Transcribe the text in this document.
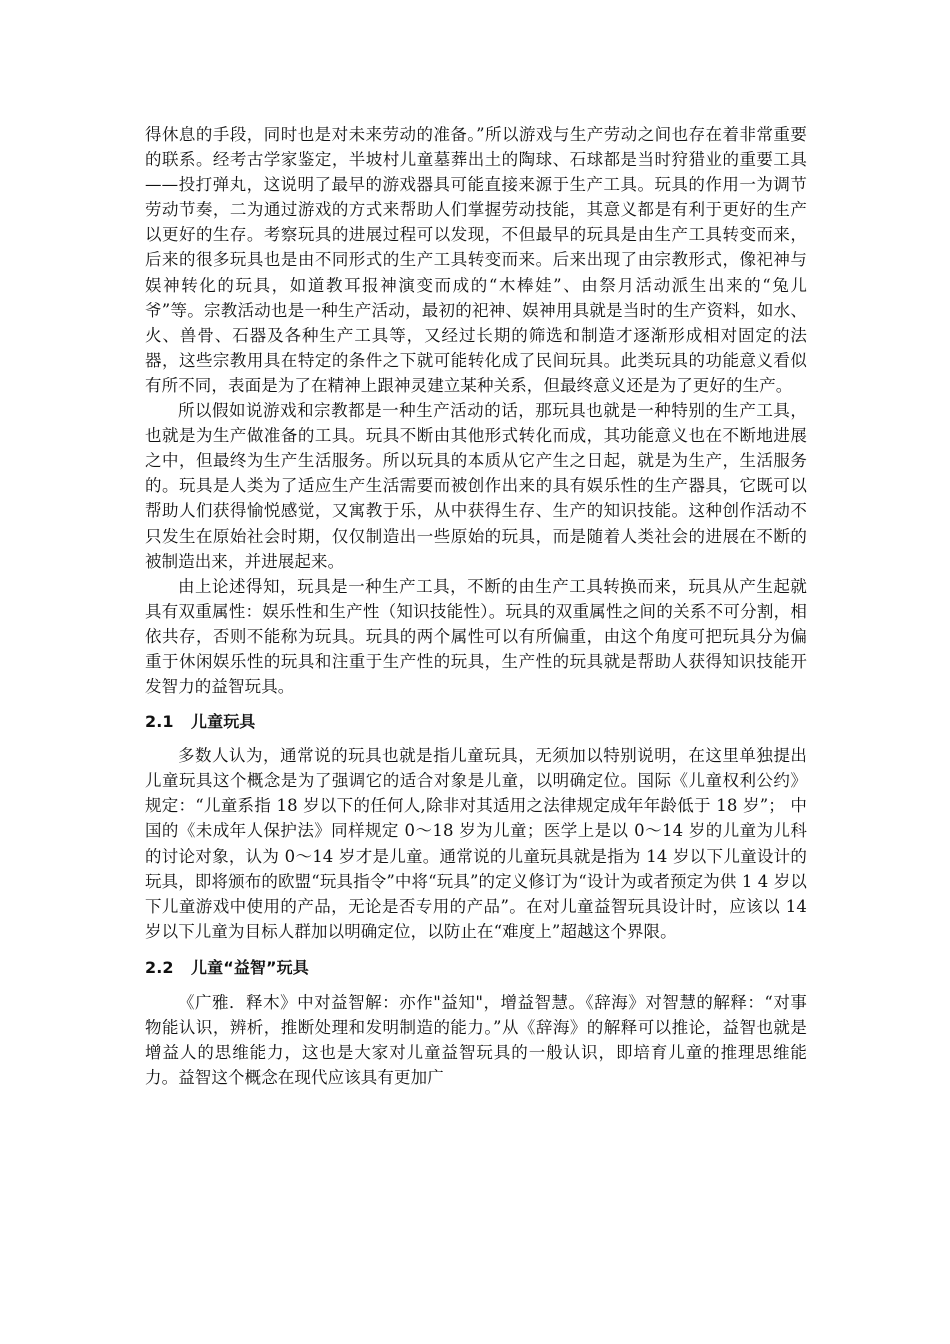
得休息的手段，同时也是对未来劳动的准备。”所以游戏与生产劳动之间也存在着非常重要的联系。经考古学家鉴定，半坡村儿童墓葬出土的陶球、石球都是当时狩猎业的重要工具——投打弹丸，这说明了最早的游戏器具可能直接来源于生产工具。玩具的作用一为调节劳动节奏，二为通过游戏的方式来帮助人们掌握劳动技能，其意义都是有利于更好的生产以更好的生存。考察玩具的进展过程可以发现，不但最早的玩具是由生产工具转变而来，后来的很多玩具也是由不同形式的生产工具转变而来。后来出现了由宗教形式，像祀神与娱神转化的玩具，如道教耳报神演变而成的“木棒娃”、由祭月活动派生出来的“兔儿爷”等。宗教活动也是一种生产活动，最初的祀神、娱神用具就是当时的生产资料，如水、火、兽骨、石器及各种生产工具等，又经过长期的筛选和制造才逐渐形成相对固定的法器，这些宗教用具在特定的条件之下就可能转化成了民间玩具。此类玩具的功能意义看似有所不同，表面是为了在精神上跟神灵建立某种关系，但最终意义还是为了更好的生产。

所以假如说游戏和宗教都是一种生产活动的话，那玩具也就是一种特别的生产工具，也就是为生产做准备的工具。玩具不断由其他形式转化而成，其功能意义也在不断地进展之中，但最终为生产生活服务。所以玩具的本质从它产生之日起，就是为生产，生活服务的。玩具是人类为了适应生产生活需要而被创作出来的具有娱乐性的生产器具，它既可以帮助人们获得愉悦感觉，又寓教于乐，从中获得生存、生产的知识技能。这种创作活动不只发生在原始社会时期，仅仅制造出一些原始的玩具，而是随着人类社会的进展在不断的被制造出来，并进展起来。

由上论述得知，玩具是一种生产工具，不断的由生产工具转换而来，玩具从产生起就具有双重属性：娱乐性和生产性（知识技能性）。玩具的双重属性之间的关系不可分割，相依共存，否则不能称为玩具。玩具的两个属性可以有所偏重，由这个角度可把玩具分为偏重于休闲娱乐性的玩具和注重于生产性的玩具，生产性的玩具就是帮助人获得知识技能开发智力的益智玩具。

2.1 儿童玩具

多数人认为，通常说的玩具也就是指儿童玩具，无须加以特别说明，在这里单独提出儿童玩具这个概念是为了强调它的适合对象是儿童，以明确定位。国际《儿童权利公约》规定：“儿童系指 18 岁以下的任何人,除非对其适用之法律规定成年年龄低于 18 岁”； 中国的《未成年人保护法》同样规定 0～18 岁为儿童；医学上是以 0～14 岁的儿童为儿科的讨论对象，认为 0～14 岁才是儿童。通常说的儿童玩具就是指为 14 岁以下儿童设计的玩具，即将颁布的欧盟“玩具指令”中将“玩具”的定义修订为“设计为或者预定为供 1 4 岁以下儿童游戏中使用的产品，无论是否专用的产品”。在对儿童益智玩具设计时，应该以 14 岁以下儿童为目标人群加以明确定位，以防止在“难度上”超越这个界限。

2.2 儿童“益智”玩具

《广雅．释木》中对益智解：亦作"益知"，增益智慧。《辞海》对智慧的解释：“对事物能认识，辨析，推断处理和发明制造的能力。”从《辞海》的解释可以推论，益智也就是增益人的思维能力，这也是大家对儿童益智玩具的一般认识，即培育儿童的推理思维能力。益智这个概念在现代应该具有更加广
